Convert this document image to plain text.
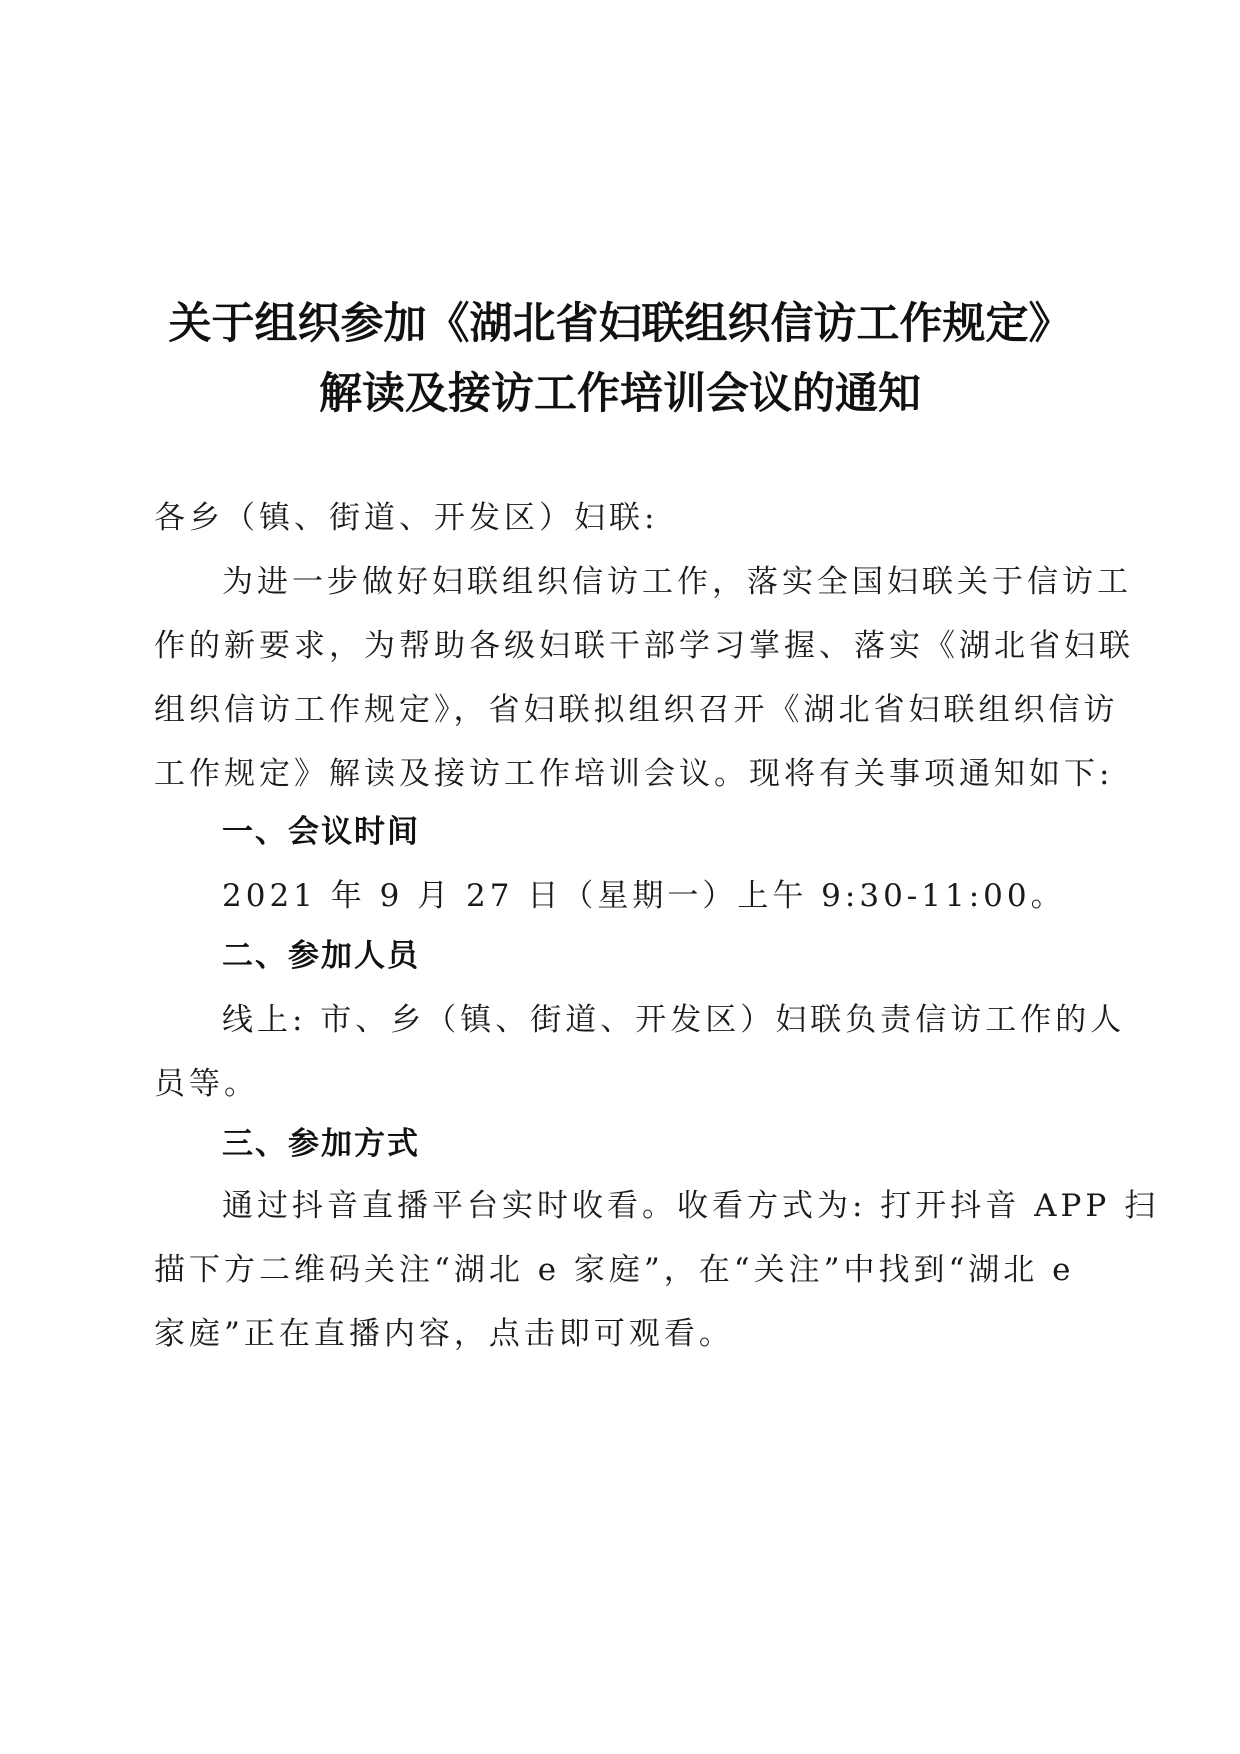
关于组织参加《湖北省妇联组织信访工作规定》
解读及接访工作培训会议的通知
各乡（镇、街道、开发区）妇联:
为进一步做好妇联组织信访工作，落实全国妇联关于信访工
作的新要求，为帮助各级妇联干部学习掌握、落实《湖北省妇联
组织信访工作规定》，省妇联拟组织召开《湖北省妇联组织信访
工作规定》解读及接访工作培训会议。现将有关事项通知如下:
一、会议时间
2021 年 9 月 27 日（星期一）上午 9:30-11:00。
二、参加人员
线上: 市、乡（镇、街道、开发区）妇联负责信访工作的人
员等。
三、参加方式
通过抖音直播平台实时收看。收看方式为: 打开抖音 APP 扫
描下方二维码关注“湖北 e 家庭”，在“关注”中找到“湖北 e
家庭”正在直播内容，点击即可观看。
